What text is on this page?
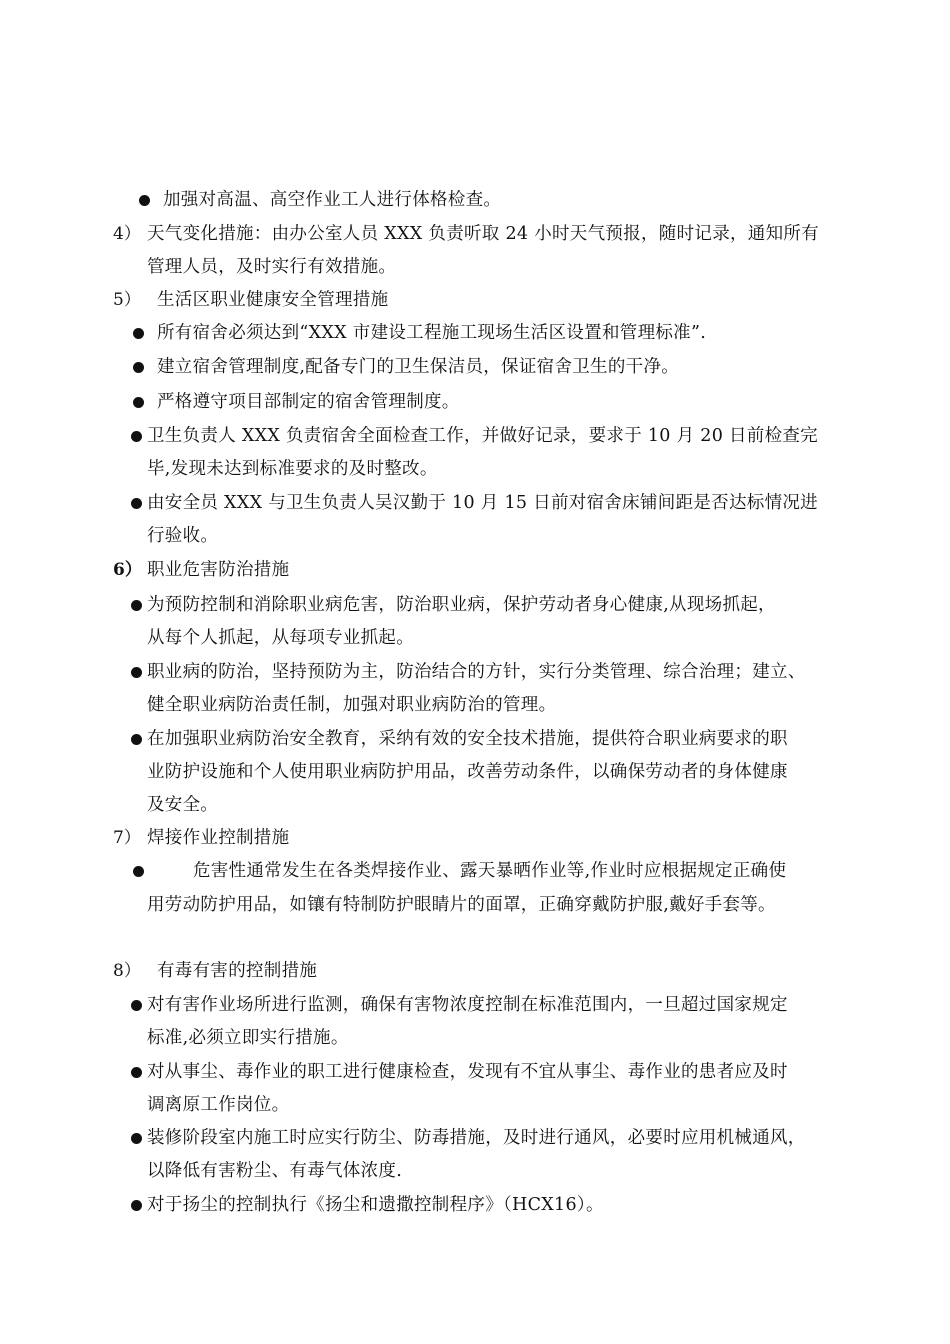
加强对高温、高空作业工人进行体格检查。
4） 天气变化措施：由办公室人员 XXX 负责听取 24 小时天气预报，随时记录，通知所有
管理人员，及时实行有效措施。
5） 生活区职业健康安全管理措施
所有宿舍必须达到“XXX 市建设工程施工现场生活区设置和管理标准”.
建立宿舍管理制度,配备专门的卫生保洁员，保证宿舍卫生的干净。
严格遵守项目部制定的宿舍管理制度。
卫生负责人 XXX 负责宿舍全面检查工作，并做好记录，要求于 10 月 20 日前检查完
毕,发现未达到标准要求的及时整改。
由安全员 XXX 与卫生负责人吴汉勤于 10 月 15 日前对宿舍床铺间距是否达标情况进
行验收。
6） 职业危害防治措施
为预防控制和消除职业病危害，防治职业病，保护劳动者身心健康,从现场抓起，
从每个人抓起，从每项专业抓起。
职业病的防治，坚持预防为主，防治结合的方针，实行分类管理、综合治理；建立、
健全职业病防治责任制，加强对职业病防治的管理。
在加强职业病防治安全教育，采纳有效的安全技术措施，提供符合职业病要求的职
业防护设施和个人使用职业病防护用品，改善劳动条件，以确保劳动者的身体健康
及安全。
7） 焊接作业控制措施
危害性通常发生在各类焊接作业、露天暴晒作业等,作业时应根据规定正确使
用劳动防护用品，如镶有特制防护眼睛片的面罩，正确穿戴防护服,戴好手套等。
8） 有毒有害的控制措施
对有害作业场所进行监测，确保有害物浓度控制在标准范围内，一旦超过国家规定
标准,必须立即实行措施。
对从事尘、毒作业的职工进行健康检查，发现有不宜从事尘、毒作业的患者应及时
调离原工作岗位。
装修阶段室内施工时应实行防尘、防毒措施，及时进行通风，必要时应用机械通风，
以降低有害粉尘、有毒气体浓度.
对于扬尘的控制执行《扬尘和遗撒控制程序》（HCX16）。
